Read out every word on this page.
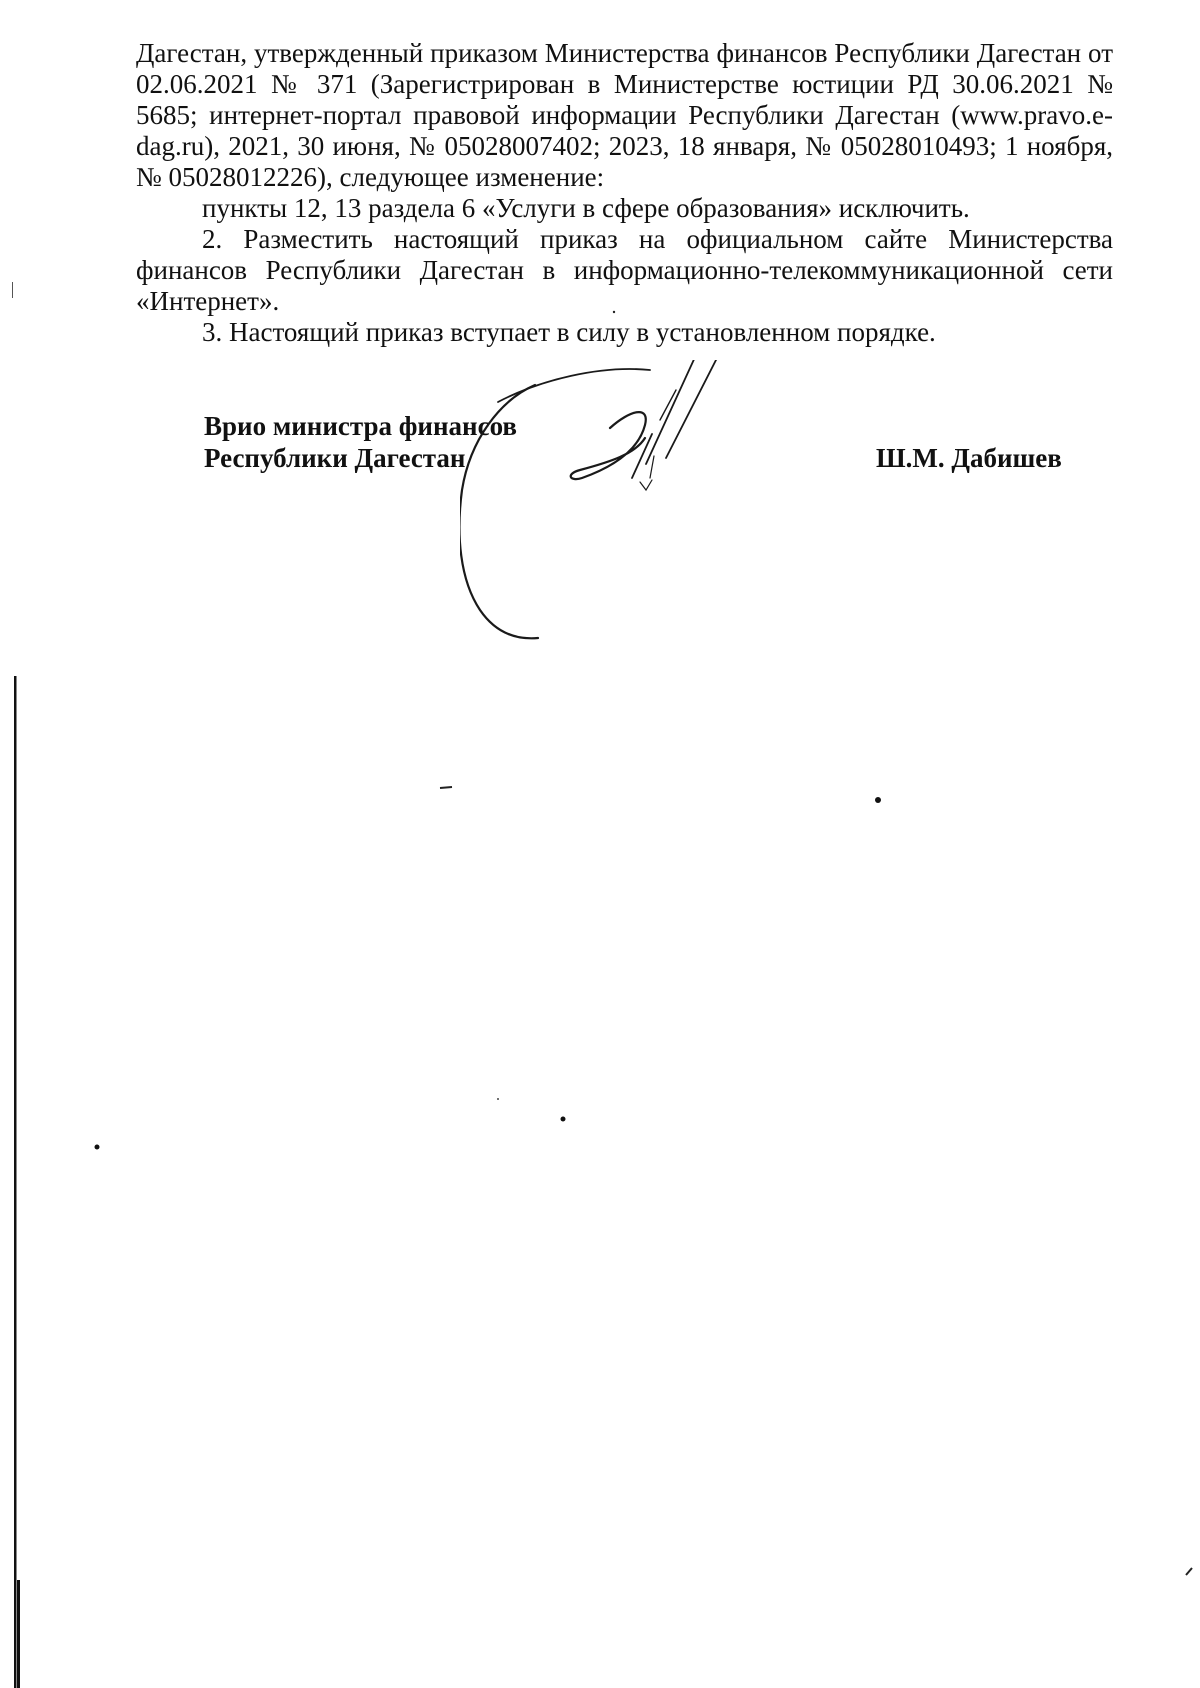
Дагестан, утвержденный приказом Министерства финансов Республики Дагестан от 02.06.2021 № 371 (Зарегистрирован в Министерстве юстиции РД 30.06.2021 № 5685; интернет-портал правовой информации Республики Дагестан (www.pravo.e-dag.ru), 2021, 30 июня, № 05028007402; 2023, 18 января, № 05028010493; 1 ноября, № 05028012226), следующее изменение:

пункты 12, 13 раздела 6 «Услуги в сфере образования» исключить.

2. Разместить настоящий приказ на официальном сайте Министерства финансов Республики Дагестан в информационно-телекоммуникационной сети «Интернет».

3. Настоящий приказ вступает в силу в установленном порядке.

Врио министра финансов
Республики Дагестан	Ш.М. Дабишев
